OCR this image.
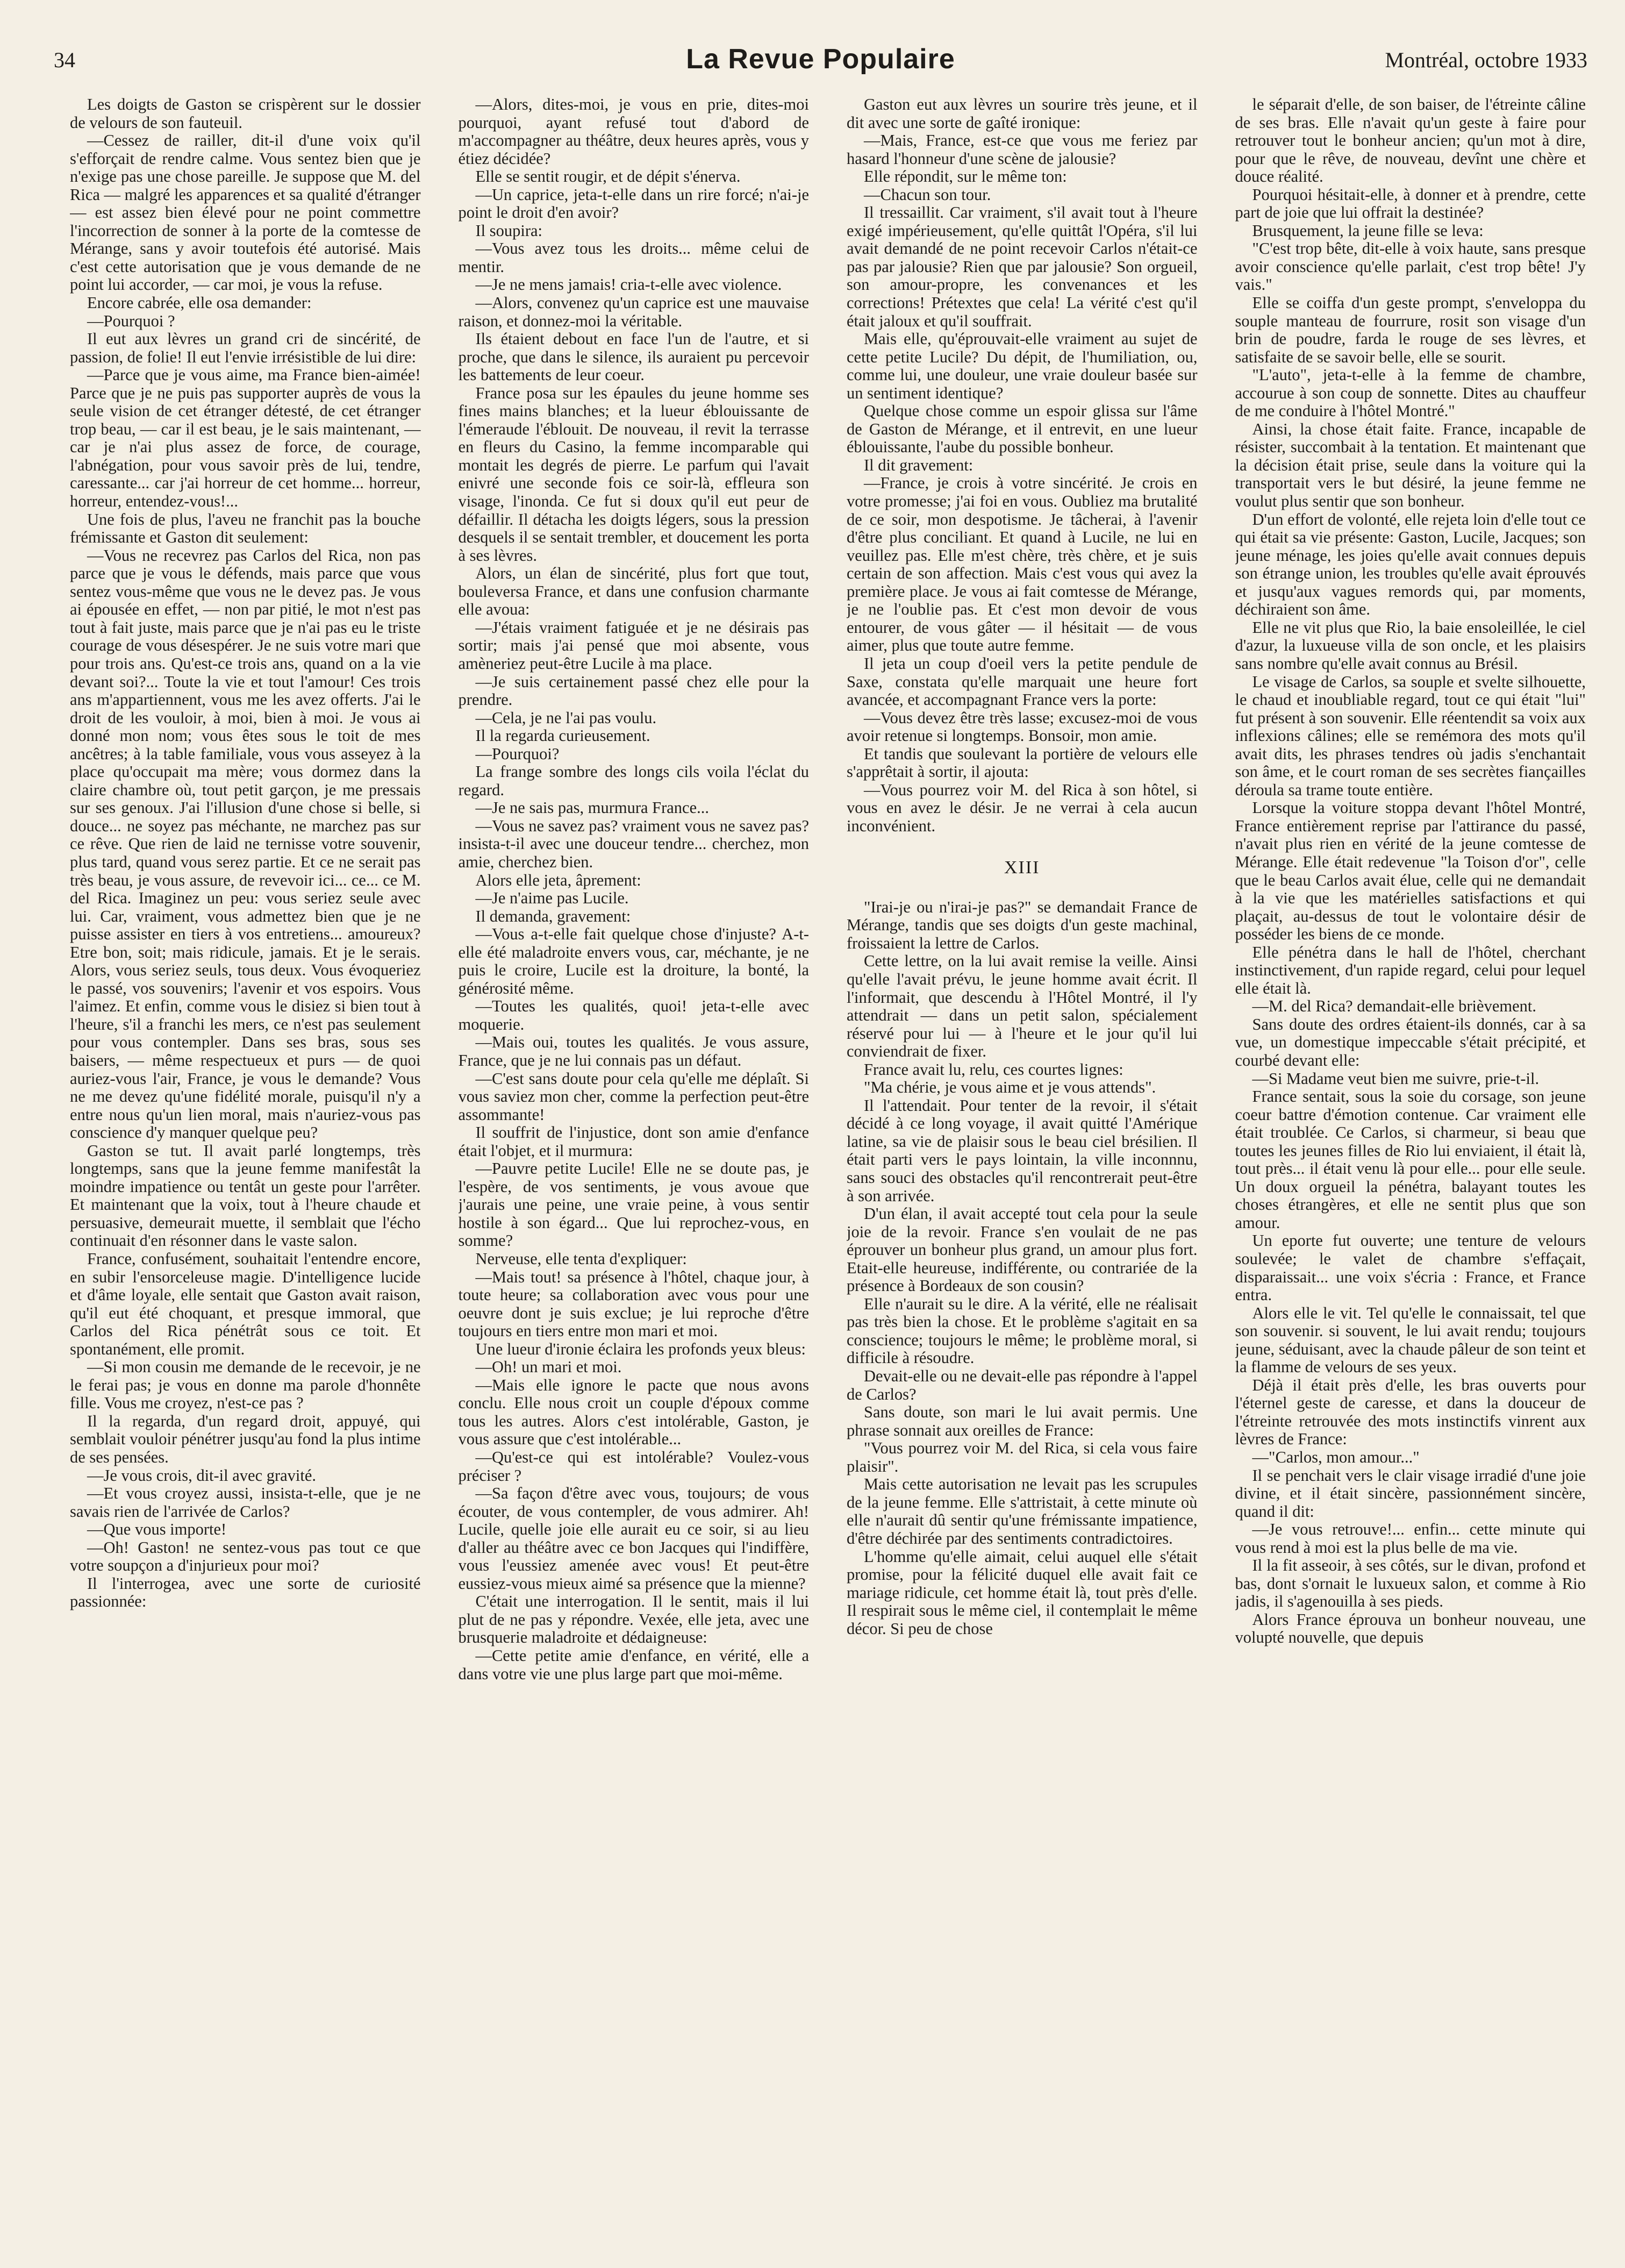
34	La Revue Populaire	Montréal, octobre 1933

Les doigts de Gaston se crispèrent sur le dossier de velours de son fauteuil.

—Cessez de railler, dit-il d'une voix qu'il s'efforçait de rendre calme. Vous sentez bien que je n'exige pas une chose pareille. Je suppose que M. del Rica — malgré les apparences et sa qualité d'étranger — est assez bien élevé pour ne point commettre l'incorrection de sonner à la porte de la comtesse de Mérange, sans y avoir toutefois été autorisé. Mais c'est cette autorisation que je vous demande de ne point lui accorder, — car moi, je vous la refuse.

Encore cabrée, elle osa demander:

—Pourquoi ?

Il eut aux lèvres un grand cri de sincérité, de passion, de folie! Il eut l'envie irrésistible de lui dire:

—Parce que je vous aime, ma France bien-aimée! Parce que je ne puis pas supporter auprès de vous la seule vision de cet étranger détesté, de cet étranger trop beau, — car il est beau, je le sais maintenant, — car je n'ai plus assez de force, de courage, l'abnégation, pour vous savoir près de lui, tendre, caressante... car j'ai horreur de cet homme... horreur, horreur, entendez-vous!...

Une fois de plus, l'aveu ne franchit pas la bouche frémissante et Gaston dit seulement:

—Vous ne recevrez pas Carlos del Rica, non pas parce que je vous le défends, mais parce que vous sentez vous-même que vous ne le devez pas. Je vous ai épousée en effet, — non par pitié, le mot n'est pas tout à fait juste, mais parce que je n'ai pas eu le triste courage de vous désespérer. Je ne suis votre mari que pour trois ans. Qu'est-ce trois ans, quand on a la vie devant soi?... Toute la vie et tout l'amour! Ces trois ans m'appartiennent, vous me les avez offerts. J'ai le droit de les vouloir, à moi, bien à moi. Je vous ai donné mon nom; vous êtes sous le toit de mes ancêtres; à la table familiale, vous vous asseyez à la place qu'occupait ma mère; vous dormez dans la claire chambre où, tout petit garçon, je me pressais sur ses genoux. J'ai l'illusion d'une chose si belle, si douce... ne soyez pas méchante, ne marchez pas sur ce rêve. Que rien de laid ne ternisse votre souvenir, plus tard, quand vous serez partie. Et ce ne serait pas très beau, je vous assure, de revevoir ici... ce... ce M. del Rica. Imaginez un peu: vous seriez seule avec lui. Car, vraiment, vous admettez bien que je ne puisse assister en tiers à vos entretiens... amoureux? Etre bon, soit; mais ridicule, jamais. Et je le serais. Alors, vous seriez seuls, tous deux. Vous évoqueriez le passé, vos souvenirs; l'avenir et vos espoirs. Vous l'aimez. Et enfin, comme vous le disiez si bien tout à l'heure, s'il a franchi les mers, ce n'est pas seulement pour vous contempler. Dans ses bras, sous ses baisers, — même respectueux et purs — de quoi auriez-vous l'air, France, je vous le demande? Vous ne me devez qu'une fidélité morale, puisqu'il n'y a entre nous qu'un lien moral, mais n'auriez-vous pas conscience d'y manquer quelque peu?

Gaston se tut. Il avait parlé longtemps, très longtemps, sans que la jeune femme manifestât la moindre impatience ou tentât un geste pour l'arrêter. Et maintenant que la voix, tout à l'heure chaude et persuasive, demeurait muette, il semblait que l'écho continuait d'en résonner dans le vaste salon.

France, confusément, souhaitait l'entendre encore, en subir l'ensorceleuse magie. D'intelligence lucide et d'âme loyale, elle sentait que Gaston avait raison, qu'il eut été choquant, et presque immoral, que Carlos del Rica pénétrât sous ce toit. Et spontanément, elle promit.

—Si mon cousin me demande de le recevoir, je ne le ferai pas; je vous en donne ma parole d'honnête fille. Vous me croyez, n'est-ce pas ?

Il la regarda, d'un regard droit, appuyé, qui semblait vouloir pénétrer jusqu'au fond la plus intime de ses pensées.

—Je vous crois, dit-il avec gravité.

—Et vous croyez aussi, insista-t-elle, que je ne savais rien de l'arrivée de Carlos?

—Que vous importe!

—Oh! Gaston! ne sentez-vous pas tout ce que votre soupçon a d'injurieux pour moi?

Il l'interrogea, avec une sorte de curiosité passionnée:

—Alors, dites-moi, je vous en prie, dites-moi pourquoi, ayant refusé tout d'abord de m'accompagner au théâtre, deux heures après, vous y étiez décidée?

Elle se sentit rougir, et de dépit s'énerva.

—Un caprice, jeta-t-elle dans un rire forcé; n'ai-je point le droit d'en avoir?

Il soupira:

—Vous avez tous les droits... même celui de mentir.

—Je ne mens jamais! cria-t-elle avec violence.

—Alors, convenez qu'un caprice est une mauvaise raison, et donnez-moi la véritable.

Ils étaient debout en face l'un de l'autre, et si proche, que dans le silence, ils auraient pu percevoir les battements de leur coeur.

France posa sur les épaules du jeune homme ses fines mains blanches; et la lueur éblouissante de l'émeraude l'éblouit. De nouveau, il revit la terrasse en fleurs du Casino, la femme incomparable qui montait les degrés de pierre. Le parfum qui l'avait enivré une seconde fois ce soir-là, effleura son visage, l'inonda. Ce fut si doux qu'il eut peur de défaillir. Il détacha les doigts légers, sous la pression desquels il se sentait trembler, et doucement les porta à ses lèvres.

Alors, un élan de sincérité, plus fort que tout, bouleversa France, et dans une confusion charmante elle avoua:

—J'étais vraiment fatiguée et je ne désirais pas sortir; mais j'ai pensé que moi absente, vous amèneriez peut-être Lucile à ma place.

—Je suis certainement passé chez elle pour la prendre.

—Cela, je ne l'ai pas voulu.

Il la regarda curieusement.

—Pourquoi?

La frange sombre des longs cils voila l'éclat du regard.

—Je ne sais pas, murmura France...

—Vous ne savez pas? vraiment vous ne savez pas? insista-t-il avec une douceur tendre... cherchez, mon amie, cherchez bien.

Alors elle jeta, âprement:

—Je n'aime pas Lucile.

Il demanda, gravement:

—Vous a-t-elle fait quelque chose d'injuste? A-t-elle été maladroite envers vous, car, méchante, je ne puis le croire, Lucile est la droiture, la bonté, la générosité même.

—Toutes les qualités, quoi! jeta-t-elle avec moquerie.

—Mais oui, toutes les qualités. Je vous assure, France, que je ne lui connais pas un défaut.

—C'est sans doute pour cela qu'elle me déplaît. Si vous saviez mon cher, comme la perfection peut-être assommante!

Il souffrit de l'injustice, dont son amie d'enfance était l'objet, et il murmura:

—Pauvre petite Lucile! Elle ne se doute pas, je l'espère, de vos sentiments, je vous avoue que j'aurais une peine, une vraie peine, à vous sentir hostile à son égard... Que lui reprochez-vous, en somme?

Nerveuse, elle tenta d'expliquer:

—Mais tout! sa présence à l'hôtel, chaque jour, à toute heure; sa collaboration avec vous pour une oeuvre dont je suis exclue; je lui reproche d'être toujours en tiers entre mon mari et moi.

Une lueur d'ironie éclaira les profonds yeux bleus:

—Oh! un mari et moi.

—Mais elle ignore le pacte que nous avons conclu. Elle nous croit un couple d'époux comme tous les autres. Alors c'est intolérable, Gaston, je vous assure que c'est intolérable...

—Qu'est-ce qui est intolérable? Voulez-vous préciser ?

—Sa façon d'être avec vous, toujours; de vous écouter, de vous contempler, de vous admirer. Ah! Lucile, quelle joie elle aurait eu ce soir, si au lieu d'aller au théâtre avec ce bon Jacques qui l'indiffère, vous l'eussiez amenée avec vous! Et peut-être eussiez-vous mieux aimé sa présence que la mienne?

C'était une interrogation. Il le sentit, mais il lui plut de ne pas y répondre. Vexée, elle jeta, avec une brusquerie maladroite et dédaigneuse:

—Cette petite amie d'enfance, en vérité, elle a dans votre vie une plus large part que moi-même.

Gaston eut aux lèvres un sourire très jeune, et il dit avec une sorte de gaîté ironique:

—Mais, France, est-ce que vous me feriez par hasard l'honneur d'une scène de jalousie?

Elle répondit, sur le même ton:

—Chacun son tour.

Il tressaillit. Car vraiment, s'il avait tout à l'heure exigé impérieusement, qu'elle quittât l'Opéra, s'il lui avait demandé de ne point recevoir Carlos n'était-ce pas par jalousie? Rien que par jalousie? Son orgueil, son amour-propre, les convenances et les corrections! Prétextes que cela! La vérité c'est qu'il était jaloux et qu'il souffrait.

Mais elle, qu'éprouvait-elle vraiment au sujet de cette petite Lucile? Du dépit, de l'humiliation, ou, comme lui, une douleur, une vraie douleur basée sur un sentiment identique?

Quelque chose comme un espoir glissa sur l'âme de Gaston de Mérange, et il entrevit, en une lueur éblouissante, l'aube du possible bonheur.

Il dit gravement:

—France, je crois à votre sincérité. Je crois en votre promesse; j'ai foi en vous. Oubliez ma brutalité de ce soir, mon despotisme. Je tâcherai, à l'avenir d'être plus conciliant. Et quand à Lucile, ne lui en veuillez pas. Elle m'est chère, très chère, et je suis certain de son affection. Mais c'est vous qui avez la première place. Je vous ai fait comtesse de Mérange, je ne l'oublie pas. Et c'est mon devoir de vous entourer, de vous gâter — il hésitait — de vous aimer, plus que toute autre femme.

Il jeta un coup d'oeil vers la petite pendule de Saxe, constata qu'elle marquait une heure fort avancée, et accompagnant France vers la porte:

—Vous devez être très lasse; excusez-moi de vous avoir retenue si longtemps. Bonsoir, mon amie.

Et tandis que soulevant la portière de velours elle s'apprêtait à sortir, il ajouta:

—Vous pourrez voir M. del Rica à son hôtel, si vous en avez le désir. Je ne verrai à cela aucun inconvénient.

XIII

"Irai-je ou n'irai-je pas?" se demandait France de Mérange, tandis que ses doigts d'un geste machinal, froissaient la lettre de Carlos.

Cette lettre, on la lui avait remise la veille. Ainsi qu'elle l'avait prévu, le jeune homme avait écrit. Il l'informait, que descendu à l'Hôtel Montré, il l'y attendrait — dans un petit salon, spécialement réservé pour lui — à l'heure et le jour qu'il lui conviendrait de fixer.

France avait lu, relu, ces courtes lignes:

"Ma chérie, je vous aime et je vous attends".

Il l'attendait. Pour tenter de la revoir, il s'était décidé à ce long voyage, il avait quitté l'Amérique latine, sa vie de plaisir sous le beau ciel brésilien. Il était parti vers le pays lointain, la ville inconnnu, sans souci des obstacles qu'il rencontrerait peut-être à son arrivée.

D'un élan, il avait accepté tout cela pour la seule joie de la revoir. France s'en voulait de ne pas éprouver un bonheur plus grand, un amour plus fort. Etait-elle heureuse, indifférente, ou contrariée de la présence à Bordeaux de son cousin?

Elle n'aurait su le dire. A la vérité, elle ne réalisait pas très bien la chose. Et le problème s'agitait en sa conscience; toujours le même; le problème moral, si difficile à résoudre.

Devait-elle ou ne devait-elle pas répondre à l'appel de Carlos?

Sans doute, son mari le lui avait permis. Une phrase sonnait aux oreilles de France:

"Vous pourrez voir M. del Rica, si cela vous faire plaisir".

Mais cette autorisation ne levait pas les scrupules de la jeune femme. Elle s'attristait, à cette minute où elle n'aurait dû sentir qu'une frémissante impatience, d'être déchirée par des sentiments contradictoires.

L'homme qu'elle aimait, celui auquel elle s'était promise, pour la félicité duquel elle avait fait ce mariage ridicule, cet homme était là, tout près d'elle. Il respirait sous le même ciel, il contemplait le même décor. Si peu de chose

le séparait d'elle, de son baiser, de l'étreinte câline de ses bras. Elle n'avait qu'un geste à faire pour retrouver tout le bonheur ancien; qu'un mot à dire, pour que le rêve, de nouveau, devînt une chère et douce réalité.

Pourquoi hésitait-elle, à donner et à prendre, cette part de joie que lui offrait la destinée?

Brusquement, la jeune fille se leva:

"C'est trop bête, dit-elle à voix haute, sans presque avoir conscience qu'elle parlait, c'est trop bête! J'y vais."

Elle se coiffa d'un geste prompt, s'enveloppa du souple manteau de fourrure, rosit son visage d'un brin de poudre, farda le rouge de ses lèvres, et satisfaite de se savoir belle, elle se sourit.

"L'auto", jeta-t-elle à la femme de chambre, accourue à son coup de sonnette. Dites au chauffeur de me conduire à l'hôtel Montré."

Ainsi, la chose était faite. France, incapable de résister, succombait à la tentation. Et maintenant que la décision était prise, seule dans la voiture qui la transportait vers le but désiré, la jeune femme ne voulut plus sentir que son bonheur.

D'un effort de volonté, elle rejeta loin d'elle tout ce qui était sa vie présente: Gaston, Lucile, Jacques; son jeune ménage, les joies qu'elle avait connues depuis son étrange union, les troubles qu'elle avait éprouvés et jusqu'aux vagues remords qui, par moments, déchiraient son âme.

Elle ne vit plus que Rio, la baie ensoleillée, le ciel d'azur, la luxueuse villa de son oncle, et les plaisirs sans nombre qu'elle avait connus au Brésil.

Le visage de Carlos, sa souple et svelte silhouette, le chaud et inoubliable regard, tout ce qui était "lui" fut présent à son souvenir. Elle réentendit sa voix aux inflexions câlines; elle se remémora des mots qu'il avait dits, les phrases tendres où jadis s'enchantait son âme, et le court roman de ses secrètes fiançailles déroula sa trame toute entière.

Lorsque la voiture stoppa devant l'hôtel Montré, France entièrement reprise par l'attirance du passé, n'avait plus rien en vérité de la jeune comtesse de Mérange. Elle était redevenue "la Toison d'or", celle que le beau Carlos avait élue, celle qui ne demandait à la vie que les matérielles satisfactions et qui plaçait, au-dessus de tout le volontaire désir de posséder les biens de ce monde.

Elle pénétra dans le hall de l'hôtel, cherchant instinctivement, d'un rapide regard, celui pour lequel elle était là.

—M. del Rica? demandait-elle brièvement.

Sans doute des ordres étaient-ils donnés, car à sa vue, un domestique impeccable s'était précipité, et courbé devant elle:

—Si Madame veut bien me suivre, prie-t-il.

France sentait, sous la soie du corsage, son jeune coeur battre d'émotion contenue. Car vraiment elle était troublée. Ce Carlos, si charmeur, si beau que toutes les jeunes filles de Rio lui enviaient, il était là, tout près... il était venu là pour elle... pour elle seule. Un doux orgueil la pénétra, balayant toutes les choses étrangères, et elle ne sentit plus que son amour.

Un eporte fut ouverte; une tenture de velours soulevée; le valet de chambre s'effaçait, disparaissait... une voix s'écria : France, et France entra.

Alors elle le vit. Tel qu'elle le connaissait, tel que son souvenir. si souvent, le lui avait rendu; toujours jeune, séduisant, avec la chaude pâleur de son teint et la flamme de velours de ses yeux.

Déjà il était près d'elle, les bras ouverts pour l'éternel geste de caresse, et dans la douceur de l'étreinte retrouvée des mots instinctifs vinrent aux lèvres de France:

—"Carlos, mon amour..."

Il se penchait vers le clair visage irradié d'une joie divine, et il était sincère, passionnément sincère, quand il dit:

—Je vous retrouve!... enfin... cette minute qui vous rend à moi est la plus belle de ma vie.

Il la fit asseoir, à ses côtés, sur le divan, profond et bas, dont s'ornait le luxueux salon, et comme à Rio jadis, il s'agenouilla à ses pieds.

Alors France éprouva un bonheur nouveau, une volupté nouvelle, que depuis
